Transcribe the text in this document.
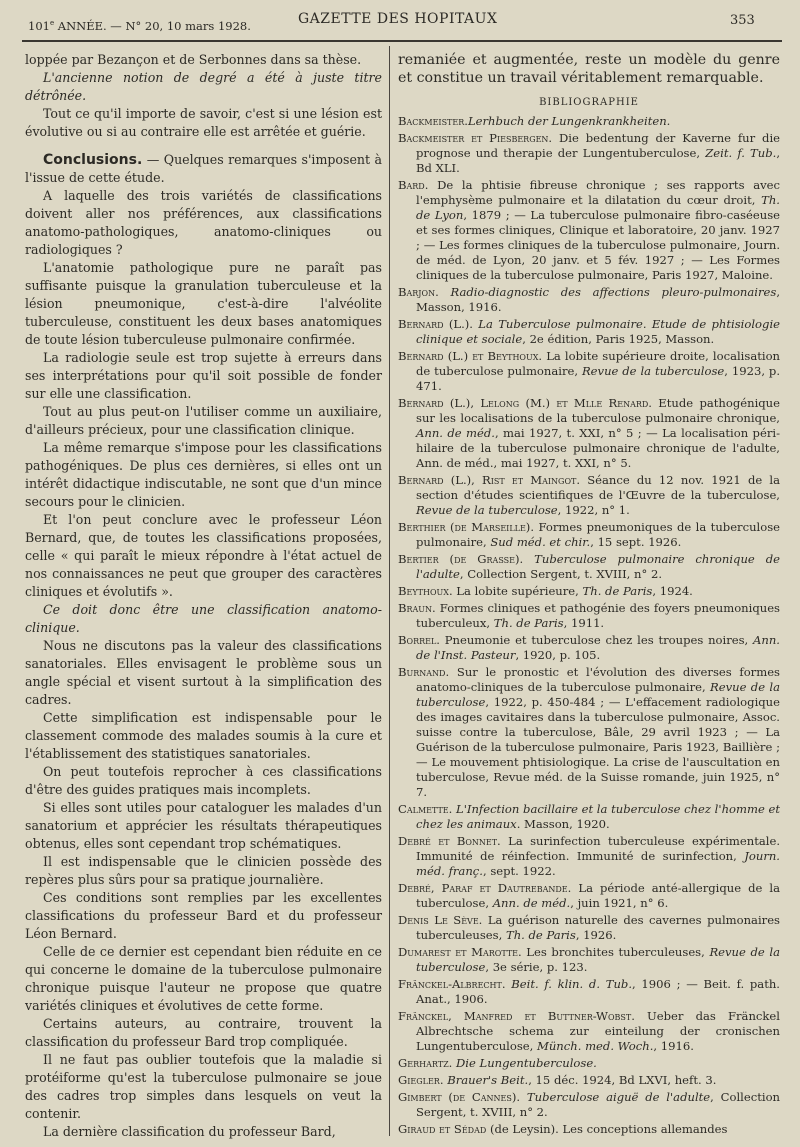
101e ANNÉE. — N° 20, 10 mars 1928.	GAZETTE DES HOPITAUX	353

loppée par Bezançon et de Serbonnes dans sa thèse.

L'ancienne notion de degré a été à juste titre détrônée.

Tout ce qu'il importe de savoir, c'est si une lésion est évolutive ou si au contraire elle est arrêtée et guérie.

Conclusions. — Quelques remarques s'imposent à l'issue de cette étude.

A laquelle des trois variétés de classifications doivent aller nos préférences, aux classifications anatomo-pathologiques, anatomo-cliniques ou radiologiques ?

L'anatomie pathologique pure ne paraît pas suffisante puisque la granulation tuberculeuse et la lésion pneumonique, c'est-à-dire l'alvéolite tuberculeuse, constituent les deux bases anatomiques de toute lésion tuberculeuse pulmonaire confirmée.

La radiologie seule est trop sujette à erreurs dans ses interprétations pour qu'il soit possible de fonder sur elle une classification.

Tout au plus peut-on l'utiliser comme un auxiliaire, d'ailleurs précieux, pour une classification clinique.

La même remarque s'impose pour les classifications pathogéniques. De plus ces dernières, si elles ont un intérêt didactique indiscutable, ne sont que d'un mince secours pour le clinicien.

Et l'on peut conclure avec le professeur Léon Bernard, que, de toutes les classifications proposées, celle « qui paraît le mieux répondre à l'état actuel de nos connaissances ne peut que grouper des caractères cliniques et évolutifs ».

Ce doit donc être une classification anatomo-clinique.

Nous ne discutons pas la valeur des classifications sanatoriales. Elles envisagent le problème sous un angle spécial et visent surtout à la simplification des cadres.

Cette simplification est indispensable pour le classement commode des malades soumis à la cure et l'établissement des statistiques sanatoriales.

On peut toutefois reprocher à ces classifications d'être des guides pratiques mais incomplets.

Si elles sont utiles pour cataloguer les malades d'un sanatorium et apprécier les résultats thérapeutiques obtenus, elles sont cependant trop schématiques.

Il est indispensable que le clinicien possède des repères plus sûrs pour sa pratique journalière.

Ces conditions sont remplies par les excellentes classifications du professeur Bard et du professeur Léon Bernard.

Celle de ce dernier est cependant bien réduite en ce qui concerne le domaine de la tuberculose pulmonaire chronique puisque l'auteur ne propose que quatre variétés cliniques et évolutives de cette forme.

Certains auteurs, au contraire, trouvent la classification du professeur Bard trop compliquée.

Il ne faut pas oublier toutefois que la maladie si protéiforme qu'est la tuberculose pulmonaire se joue des cadres trop simples dans lesquels on veut la contenir.

La dernière classification du professeur Bard,

remaniée et augmentée, reste un modèle du genre et constitue un travail véritablement remarquable.

BIBLIOGRAPHIE

Backmeister.Lerhbuch der Lungenkrankheiten.

Backmeister et Piesbergen. Die bedentung der Kaverne fur die prognose und therapie der Lungentuberculose, Zeit. f. Tub., Bd XLI.

Bard. De la phtisie fibreuse chronique ; ses rapports avec l'emphysème pulmonaire et la dilatation du cœur droit, Th. de Lyon, 1879 ; — La tuberculose pulmonaire fibro-caséeuse et ses formes cliniques, Clinique et laboratoire, 20 janv. 1927 ; — Les formes cliniques de la tuberculose pulmonaire, Journ. de méd. de Lyon, 20 janv. et 5 fév. 1927 ; — Les Formes cliniques de la tuberculose pulmonaire, Paris 1927, Maloine.

Barjon. Radio-diagnostic des affections pleuro-pulmonaires, Masson, 1916.

Bernard (L.). La Tuberculose pulmonaire. Etude de phtisiologie clinique et sociale, 2e édition, Paris 1925, Masson.

Bernard (L.) et Beythoux. La lobite supérieure droite, localisation de tuberculose pulmonaire, Revue de la tuberculose, 1923, p. 471.

Bernard (L.), Lelong (M.) et Mlle Renard. Etude pathogénique sur les localisations de la tuberculose pulmonaire chronique, Ann. de méd., mai 1927, t. XXI, n° 5 ; — La localisation péri-hilaire de la tuberculose pulmonaire chronique de l'adulte, Ann. de méd., mai 1927, t. XXI, n° 5.

Bernard (L.), Rist et Maingot. Séance du 12 nov. 1921 de la section d'études scientifiques de l'Œuvre de la tuberculose, Revue de la tuberculose, 1922, n° 1.

Berthier (de Marseille). Formes pneumoniques de la tuberculose pulmonaire, Sud méd. et chir., 15 sept. 1926.

Bertier (de Grasse). Tuberculose pulmonaire chronique de l'adulte, Collection Sergent, t. XVIII, n° 2.

Beythoux. La lobite supérieure, Th. de Paris, 1924.

Braun. Formes cliniques et pathogénie des foyers pneumoniques tuberculeux, Th. de Paris, 1911.

Borrel. Pneumonie et tuberculose chez les troupes noires, Ann. de l'Inst. Pasteur, 1920, p. 105.

Burnand. Sur le pronostic et l'évolution des diverses formes anatomo-cliniques de la tuberculose pulmonaire, Revue de la tuberculose, 1922, p. 450-484 ; — L'effacement radiologique des images cavitaires dans la tuberculose pulmonaire, Assoc. suisse contre la tuberculose, Bâle, 29 avril 1923 ; — La Guérison de la tuberculose pulmonaire, Paris 1923, Baillière ; — Le mouvement phtisiologique. La crise de l'auscultation en tuberculose, Revue méd. de la Suisse romande, juin 1925, n° 7.

Calmette. L'Infection bacillaire et la tuberculose chez l'homme et chez les animaux. Masson, 1920.

Debré et Bonnet. La surinfection tuberculeuse expérimentale. Immunité de réinfection. Immunité de surinfection, Journ. méd. franç., sept. 1922.

Debré, Paraf et Dautrebande. La période anté-allergique de la tuberculose, Ann. de méd., juin 1921, n° 6.

Denis Le Sève. La guérison naturelle des cavernes pulmonaires tuberculeuses, Th. de Paris, 1926.

Dumarest et Marotte. Les bronchites tuberculeuses, Revue de la tuberculose, 3e série, p. 123.

Fränckel-Albrecht. Beit. f. klin. d. Tub., 1906 ; — Beit. f. path. Anat., 1906.

Fränckel, Manfred et Buttner-Wobst. Ueber das Fränckel Albrechtsche schema zur einteilung der cronischen Lungentuberculose, Münch. med. Woch., 1916.

Gerhartz. Die Lungentuberculose.

Giegler. Brauer's Beit., 15 déc. 1924, Bd LXVI, heft. 3.

Gimbert (de Cannes). Tuberculose aiguë de l'adulte, Collection Sergent, t. XVIII, n° 2.

Giraud et Sédad (de Leysin). Les conceptions allemandes
